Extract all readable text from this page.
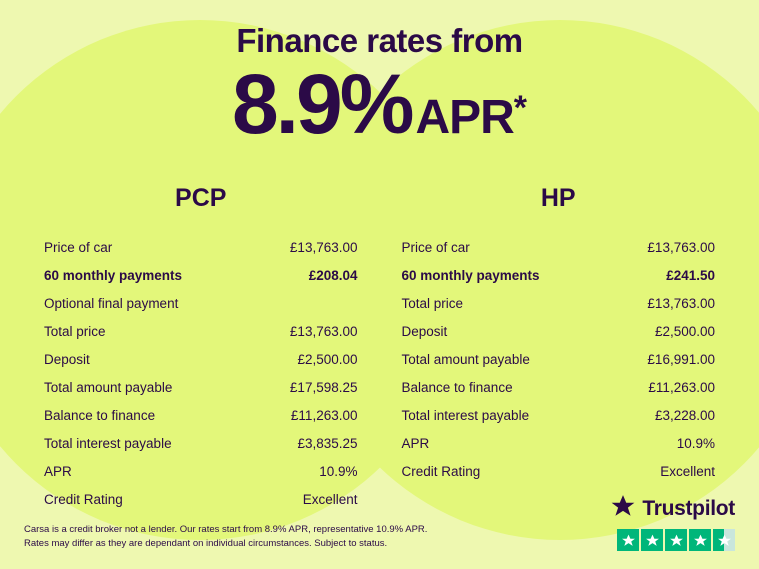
Finance rates from
8.9% APR *
PCP
Price of car	£13,763.00
60 monthly payments	£208.04
Optional final payment
Total price	£13,763.00
Deposit	£2,500.00
Total amount payable	£17,598.25
Balance to finance	£11,263.00
Total interest payable	£3,835.25
APR	10.9%
Credit Rating	Excellent
HP
Price of car	£13,763.00
60 monthly payments	£241.50
Total price	£13,763.00
Deposit	£2,500.00
Total amount payable	£16,991.00
Balance to finance	£11,263.00
Total interest payable	£3,228.00
APR	10.9%
Credit Rating	Excellent
Carsa is a credit broker not a lender. Our rates start from 8.9% APR, representative 10.9% APR. Rates may differ as they are dependant on individual circumstances. Subject to status.
Trustpilot
